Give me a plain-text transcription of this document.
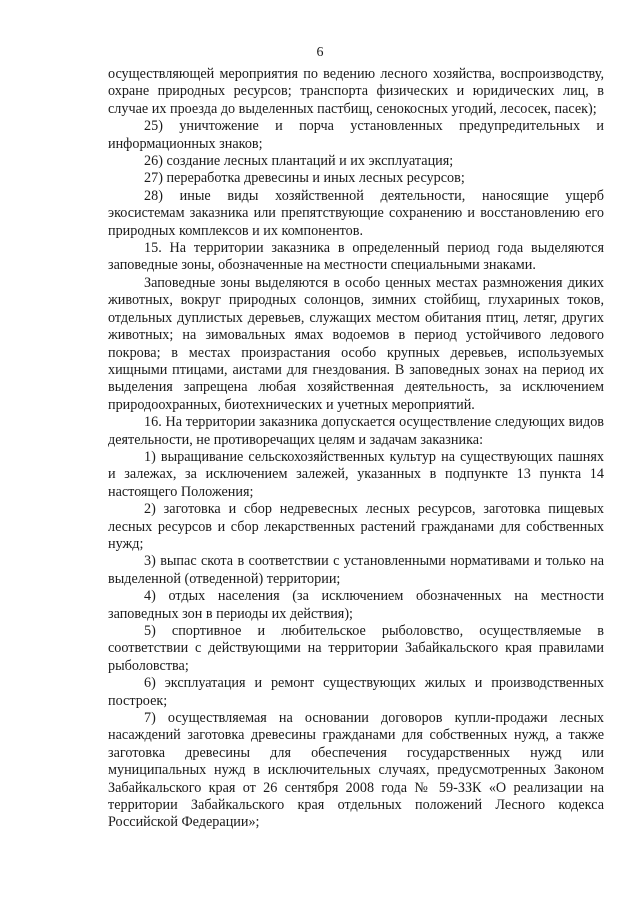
6

осуществляющей мероприятия по ведению лесного хозяйства, воспроизводству, охране природных ресурсов; транспорта физических и юридических лиц, в случае их проезда до выделенных пастбищ, сенокосных угодий, лесосек, пасек);

25) уничтожение и порча установленных предупредительных и информационных знаков;

26) создание лесных плантаций и их эксплуатация;

27) переработка древесины и иных лесных ресурсов;

28) иные виды хозяйственной деятельности, наносящие ущерб экосистемам заказника или препятствующие сохранению и восстановлению его природных комплексов и их компонентов.

15. На территории заказника в определенный период года выделяются заповедные зоны, обозначенные на местности специальными знаками.

Заповедные зоны выделяются в особо ценных местах размножения диких животных, вокруг природных солонцов, зимних стойбищ, глухариных токов, отдельных дуплистых деревьев, служащих местом обитания птиц, летяг, других животных; на зимовальных ямах водоемов в период устойчивого ледового покрова; в местах произрастания особо крупных деревьев, используемых хищными птицами, аистами для гнездования. В заповедных зонах на период их выделения запрещена любая хозяйственная деятельность, за исключением природоохранных, биотехнических и учетных мероприятий.

16. На территории заказника допускается осуществление следующих видов деятельности, не противоречащих целям и задачам заказника:

1) выращивание сельскохозяйственных культур на существующих пашнях и залежах, за исключением залежей, указанных в подпункте 13 пункта 14 настоящего Положения;

2) заготовка и сбор недревесных лесных ресурсов, заготовка пищевых лесных ресурсов и сбор лекарственных растений гражданами для собственных нужд;

3) выпас скота в соответствии с установленными нормативами и только на выделенной (отведенной) территории;

4) отдых населения (за исключением обозначенных на местности заповедных зон в периоды их действия);

5) спортивное и любительское рыболовство, осуществляемые в соответствии с действующими на территории Забайкальского края правилами рыболовства;

6) эксплуатация и ремонт существующих жилых и производственных построек;

7) осуществляемая на основании договоров купли-продажи лесных насаждений заготовка древесины гражданами для собственных нужд, а также заготовка древесины для обеспечения государственных нужд или муниципальных нужд в исключительных случаях, предусмотренных Законом Забайкальского края от 26 сентября 2008 года № 59-ЗЗК «О реализации на территории Забайкальского края отдельных положений Лесного кодекса Российской Федерации»;
